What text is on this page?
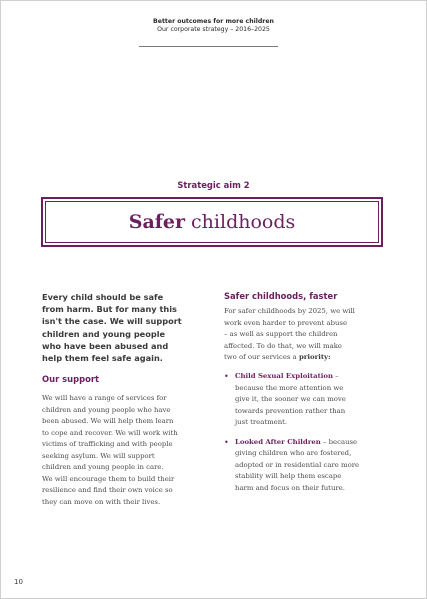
Better outcomes for more children
Our corporate strategy – 2016–2025
Strategic aim 2
Safer childhoods
Every child should be safe
from harm. But for many this
isn't the case. We will support
children and young people
who have been abused and
help them feel safe again.
Our support
We will have a range of services for
children and young people who have
been abused. We will help them learn
to cope and recover. We will work with
victims of trafficking and with people
seeking asylum. We will support
children and young people in care.
We will encourage them to build their
resilience and find their own voice so
they can move on with their lives.
Safer childhoods, faster
For safer childhoods by 2025, we will
work even harder to prevent abuse
– as well as support the children
affected. To do that, we will make
two of our services a priority:
• Child Sexual Exploitation –
because the more attention we
give it, the sooner we can move
towards prevention rather than
just treatment.
• Looked After Children – because
giving children who are fostered,
adopted or in residential care more
stability will help them escape
harm and focus on their future.
10
